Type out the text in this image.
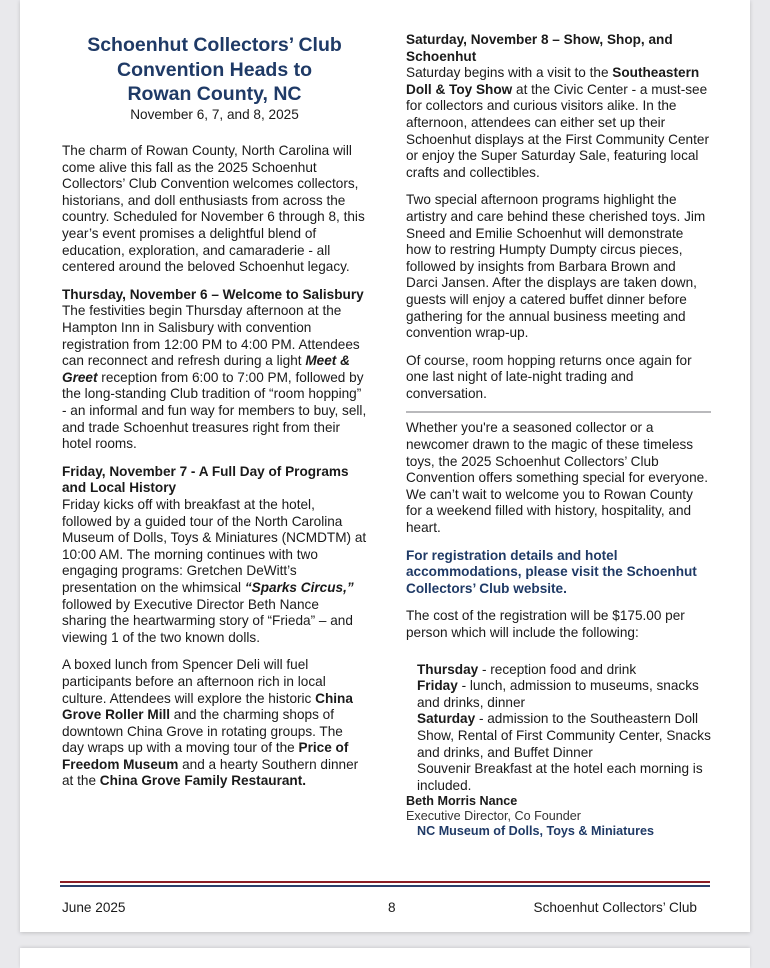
Schoenhut Collectors’ Club
Convention Heads to
Rowan County, NC

November 6, 7, and 8, 2025

The charm of Rowan County, North Carolina will come alive this fall as the 2025 Schoenhut Collectors’ Club Convention welcomes collectors, historians, and doll enthusiasts from across the country. Scheduled for November 6 through 8, this year’s event promises a delightful blend of education, exploration, and camaraderie - all centered around the beloved Schoenhut legacy.

Thursday, November 6 – Welcome to Salisbury

The festivities begin Thursday afternoon at the Hampton Inn in Salisbury with convention registration from 12:00 PM to 4:00 PM. Attendees can reconnect and refresh during a light Meet & Greet reception from 6:00 to 7:00 PM, followed by the long-standing Club tradition of “room hopping” - an informal and fun way for members to buy, sell, and trade Schoenhut treasures right from their hotel rooms.

Friday, November 7 - A Full Day of Programs and Local History

Friday kicks off with breakfast at the hotel, followed by a guided tour of the North Carolina Museum of Dolls, Toys & Miniatures (NCMDTM) at 10:00 AM. The morning continues with two engaging programs: Gretchen DeWitt’s presentation on the whimsical “Sparks Circus,” followed by Executive Director Beth Nance sharing the heartwarming story of “Frieda” – and viewing 1 of the two known dolls.

A boxed lunch from Spencer Deli will fuel participants before an afternoon rich in local culture. Attendees will explore the historic China Grove Roller Mill and the charming shops of downtown China Grove in rotating groups. The day wraps up with a moving tour of the Price of Freedom Museum and a hearty Southern dinner at the China Grove Family Restaurant.

Saturday, November 8 – Show, Shop, and Schoenhut

Saturday begins with a visit to the Southeastern Doll & Toy Show at the Civic Center - a must-see for collectors and curious visitors alike. In the afternoon, attendees can either set up their Schoenhut displays at the First Community Center or enjoy the Super Saturday Sale, featuring local crafts and collectibles.

Two special afternoon programs highlight the artistry and care behind these cherished toys. Jim Sneed and Emilie Schoenhut will demonstrate how to restring Humpty Dumpty circus pieces, followed by insights from Barbara Brown and Darci Jansen. After the displays are taken down, guests will enjoy a catered buffet dinner before gathering for the annual business meeting and convention wrap-up.

Of course, room hopping returns once again for one last night of late-night trading and conversation.

Whether you're a seasoned collector or a newcomer drawn to the magic of these timeless toys, the 2025 Schoenhut Collectors’ Club Convention offers something special for everyone. We can’t wait to welcome you to Rowan County for a weekend filled with history, hospitality, and heart.

For registration details and hotel accommodations, please visit the Schoenhut Collectors’ Club website.

The cost of the registration will be $175.00 per person which will include the following:

Thursday - reception food and drink
Friday - lunch, admission to museums, snacks and drinks, dinner
Saturday - admission to the Southeastern Doll Show, Rental of First Community Center, Snacks and drinks, and Buffet Dinner

Souvenir Breakfast at the hotel each morning is included.

Beth Morris Nance

Executive Director, Co Founder

NC Museum of Dolls, Toys & Miniatures

June 2025	8	Schoenhut Collectors’ Club
